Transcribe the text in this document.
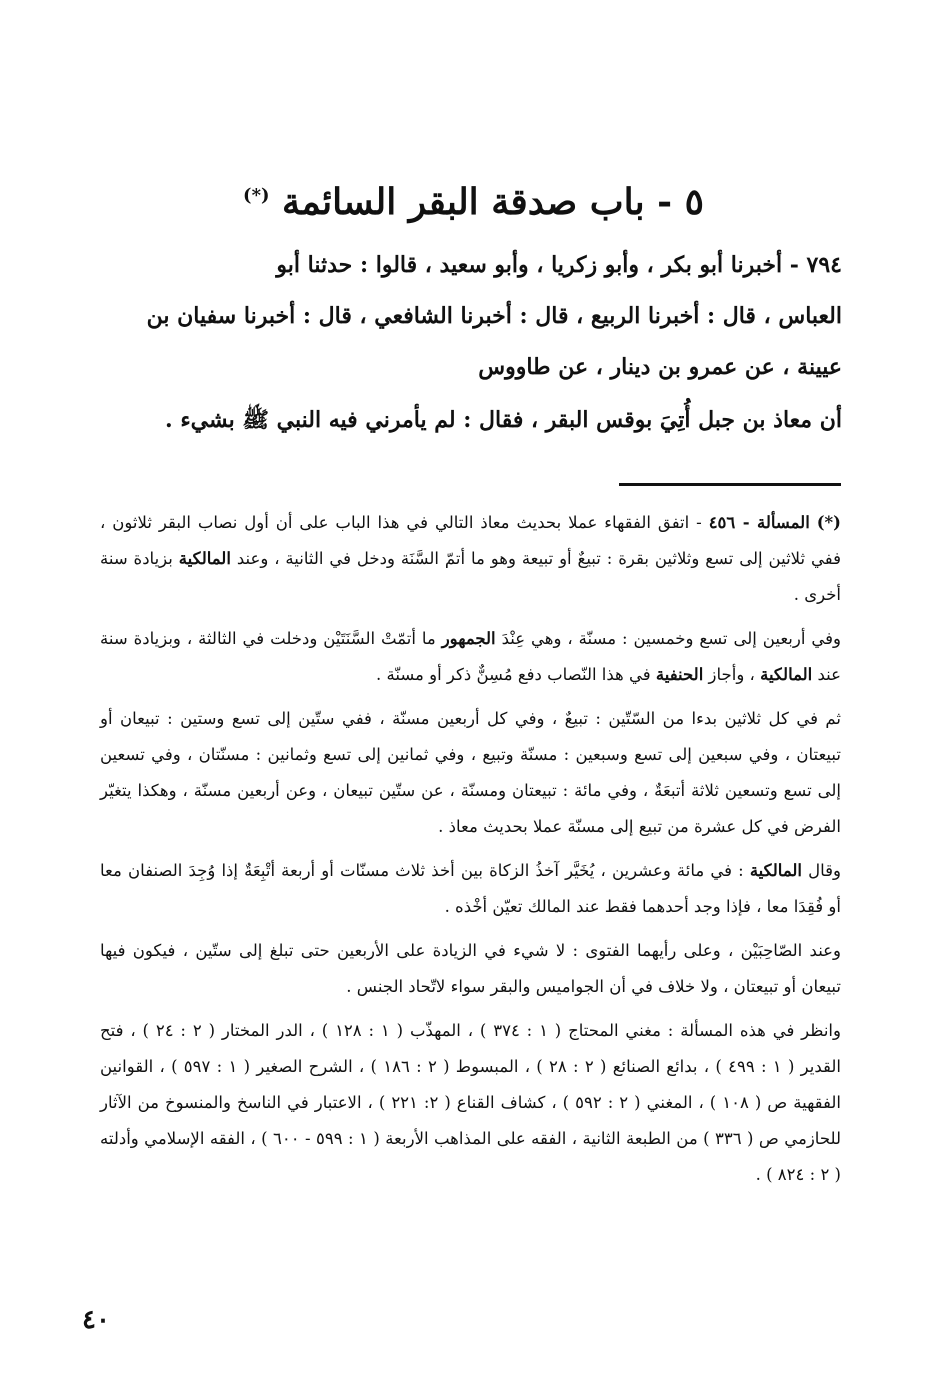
٥ - باب صدقة البقر السائمة (*)

٧٩٤ - أخبرنا أبو بكر ، وأبو زكريا ، وأبو سعيد ، قالوا : حدثنا أبو

العباس ، قال : أخبرنا الربيع ، قال : أخبرنا الشافعي ، قال : أخبرنا سفيان بن

عيينة ، عن عمرو بن دينار ، عن طاووس

أن معاذ بن جبل أُتِيَ بوقس البقر ، فقال : لم يأمرني فيه النبي ﷺ بشيء .

(*) المسألة - ٤٥٦ - اتفق الفقهاء عملا بحديث معاذ التالي في هذا الباب على أن أول نصاب البقر ثلاثون ، ففي ثلاثين إلى تسع وثلاثين بقرة : تبيعٌ أو تبيعة وهو ما أتمّ السَّنَة ودخل في الثانية ، وعند المالكية بزيادة سنة أخرى .

وفي أربعين إلى تسع وخمسين : مسنّة ، وهي عِنْدَ الجمهور ما أتمّتْ السَّنَتَيْن ودخلت في الثالثة ، وبزيادة سنة عند المالكية ، وأجاز الحنفية في هذا النّصاب دفع مُسِنٌّ ذكر أو مسنّة .

ثم في كل ثلاثين بدءا من السّتّين : تبيعٌ ، وفي كل أربعين مسنّة ، ففي ستّين إلى تسع وستين : تبيعان أو تبيعتان ، وفي سبعين إلى تسع وسبعين : مسنّة وتبيع ، وفي ثمانين إلى تسع وثمانين : مسنّتان ، وفي تسعين إلى تسع وتسعين ثلاثة أتبعَةٌ ، وفي مائة : تبيعتان ومسنّة ، عن ستّين تبيعان ، وعن أربعين مسنّة ، وهكذا يتغيّر الفرض في كل عشرة من تبيع إلى مسنّة عملا بحديث معاذ .

وقال المالكية : في مائة وعشرين ، يُخَيَّر آخذُ الزكاة بين أخذ ثلاث مسنّات أو أربعة أتْبِعَةٌ إذا وُجِدَ الصنفان معا أو فُقِدَا معا ، فإذا وجد أحدهما فقط عند المالك تعيّن أخْذه .

وعند الصّاحِبَيْن ، وعلى رأيهما الفتوى : لا شيء في الزيادة على الأربعين حتى تبلغ إلى ستّين ، فيكون فيها تبيعان أو تبيعتان ، ولا خلاف في أن الجواميس والبقر سواء لاتّحاد الجنس .

وانظر في هذه المسألة : مغني المحتاج ( ١ : ٣٧٤ ) ، المهذّب ( ١ : ١٢٨ ) ، الدر المختار ( ٢ : ٢٤ ) ، فتح القدير ( ١ : ٤٩٩ ) ، بدائع الصنائع ( ٢ : ٢٨ ) ، المبسوط ( ٢ : ١٨٦ ) ، الشرح الصغير ( ١ : ٥٩٧ ) ، القوانين الفقهية ص ( ١٠٨ ) ، المغني ( ٢ : ٥٩٢ ) ، كشاف القناع ( ٢: ٢٢١ ) ، الاعتبار في الناسخ والمنسوخ من الآثار للحازمي ص ( ٣٣٦ ) من الطبعة الثانية ، الفقه على المذاهب الأربعة ( ١ : ٥٩٩ - ٦٠٠ ) ، الفقه الإسلامي وأدلته ( ٢ : ٨٢٤ ) .

٤٠
